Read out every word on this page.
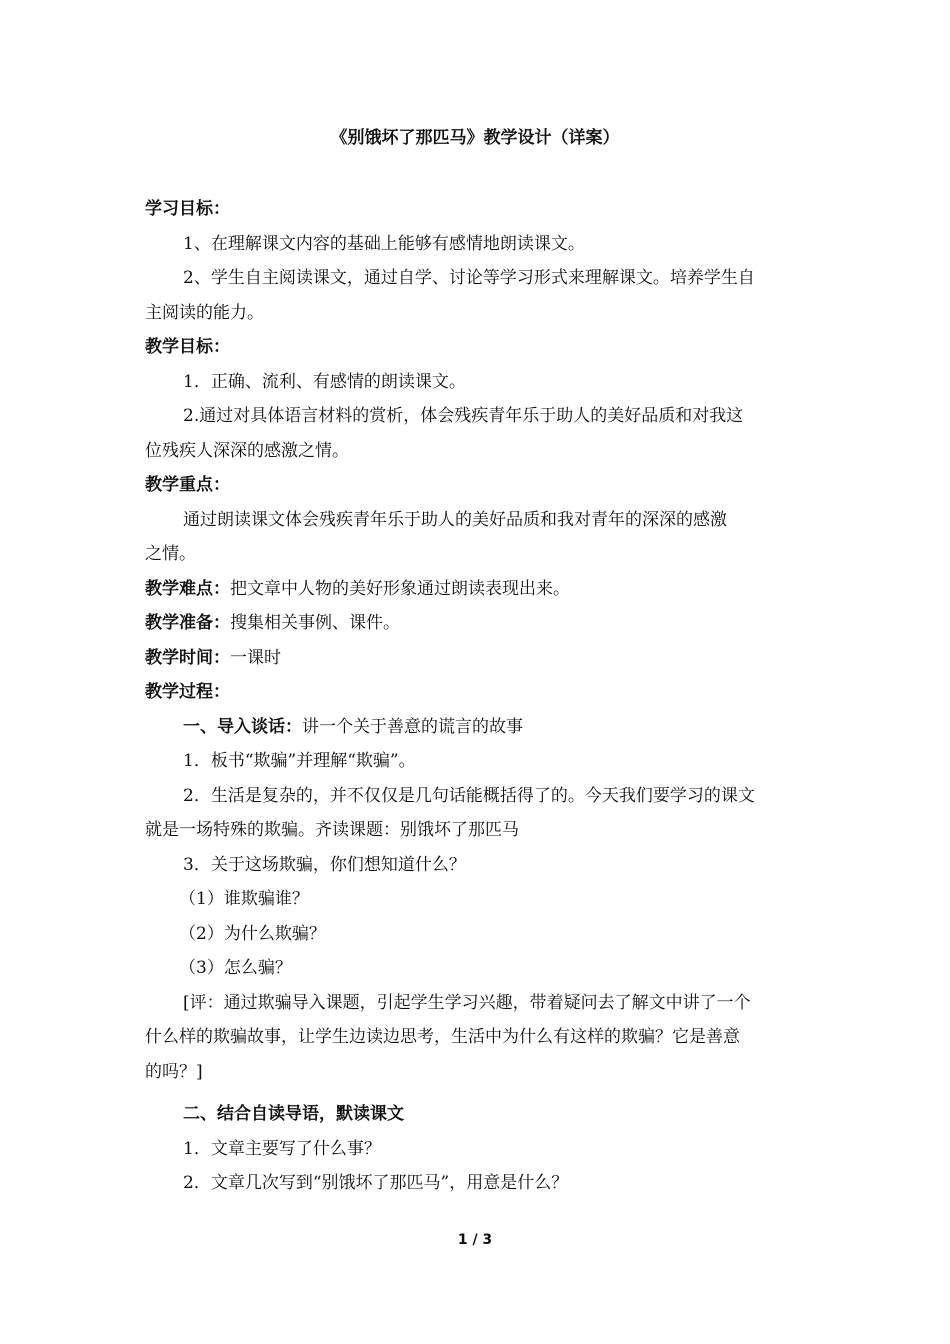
《别饿坏了那匹马》教学设计（详案）
学习目标：
1、在理解课文内容的基础上能够有感情地朗读课文。
2、学生自主阅读课文，通过自学、讨论等学习形式来理解课文。培养学生自
主阅读的能力。
教学目标：
1．正确、流利、有感情的朗读课文。
2.通过对具体语言材料的赏析，体会残疾青年乐于助人的美好品质和对我这
位残疾人深深的感激之情。
教学重点：
通过朗读课文体会残疾青年乐于助人的美好品质和我对青年的深深的感激
之情。
教学难点：把文章中人物的美好形象通过朗读表现出来。
教学准备：搜集相关事例、课件。
教学时间：一课时
教学过程：
一、导入谈话：讲一个关于善意的谎言的故事
1．板书“欺骗”并理解“欺骗”。
2．生活是复杂的，并不仅仅是几句话能概括得了的。今天我们要学习的课文
就是一场特殊的欺骗。齐读课题：别饿坏了那匹马
3．关于这场欺骗，你们想知道什么？
（1）谁欺骗谁？
（2）为什么欺骗？
（3）怎么骗？
[评：通过欺骗导入课题，引起学生学习兴趣，带着疑问去了解文中讲了一个
什么样的欺骗故事，让学生边读边思考，生活中为什么有这样的欺骗？它是善意
的吗？]
二、结合自读导语，默读课文
1．文章主要写了什么事？
2．文章几次写到“别饿坏了那匹马”，用意是什么？
1 / 3
